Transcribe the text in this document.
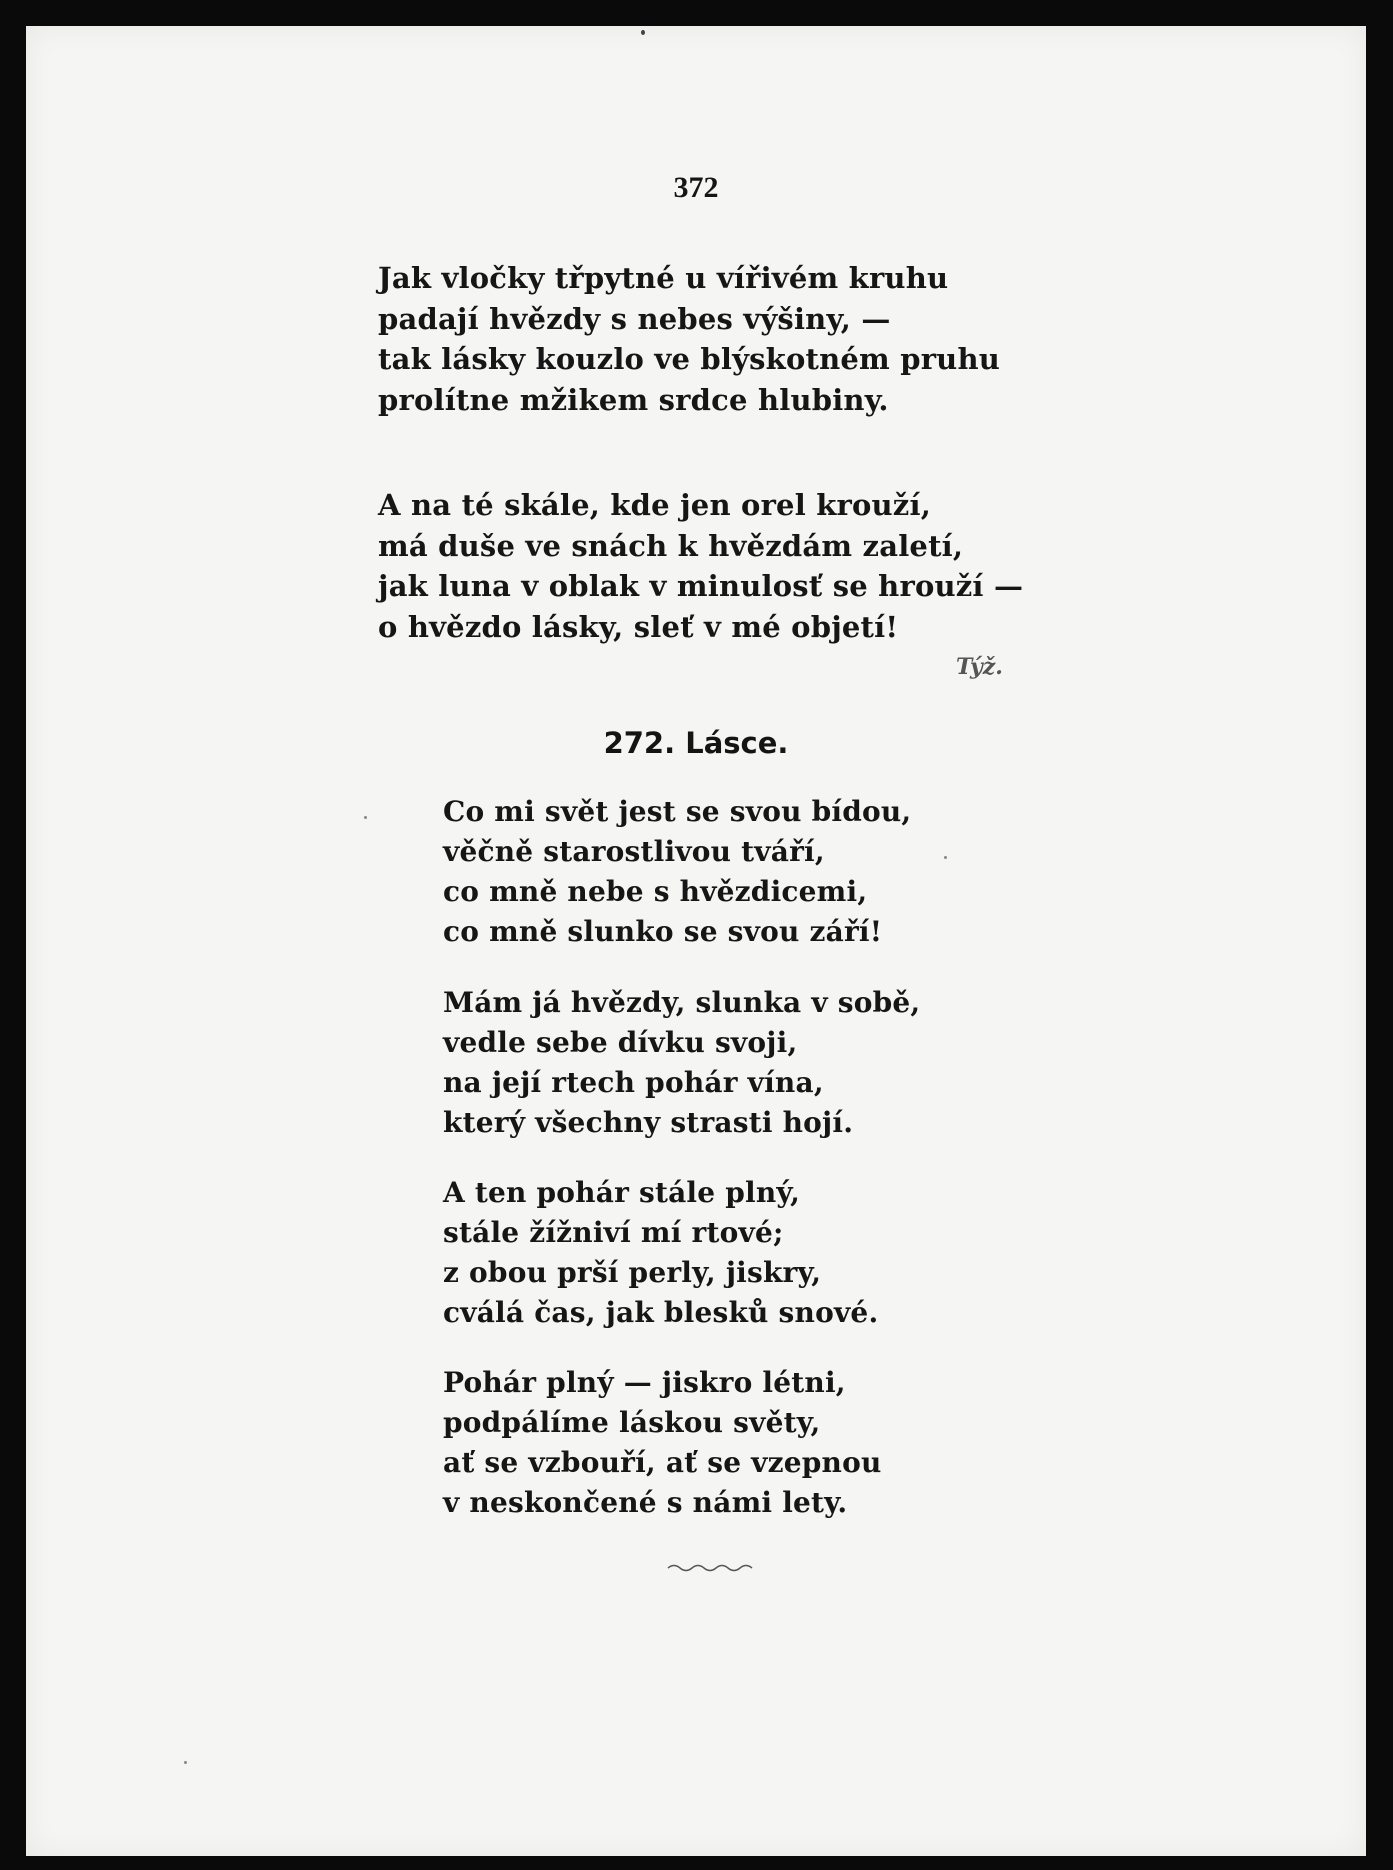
372
Jak vločky třpytné u vířivém kruhu
padají hvězdy s nebes výšiny, —
tak lásky kouzlo ve blýskotném pruhu
prolítne mžikem srdce hlubiny.
A na té skále, kde jen orel krouží,
má duše ve snách k hvězdám zaletí,
jak luna v oblak v minulosť se hrouží —
o hvězdo lásky, sleť v mé objetí!
Týž.
272. Lásce.
Co mi svět jest se svou bídou,
věčně starostlivou tváří,
co mně nebe s hvězdicemi,
co mně slunko se svou září!
Mám já hvězdy, slunka v sobě,
vedle sebe dívku svoji,
na její rtech pohár vína,
který všechny strasti hojí.
A ten pohár stále plný,
stále žížniví mí rtové;
z obou prší perly, jiskry,
cválá čas, jak blesků snové.
Pohár plný — jiskro létni,
podpálíme láskou světy,
ať se vzbouří, ať se vzepnou
v neskončené s námi lety.
